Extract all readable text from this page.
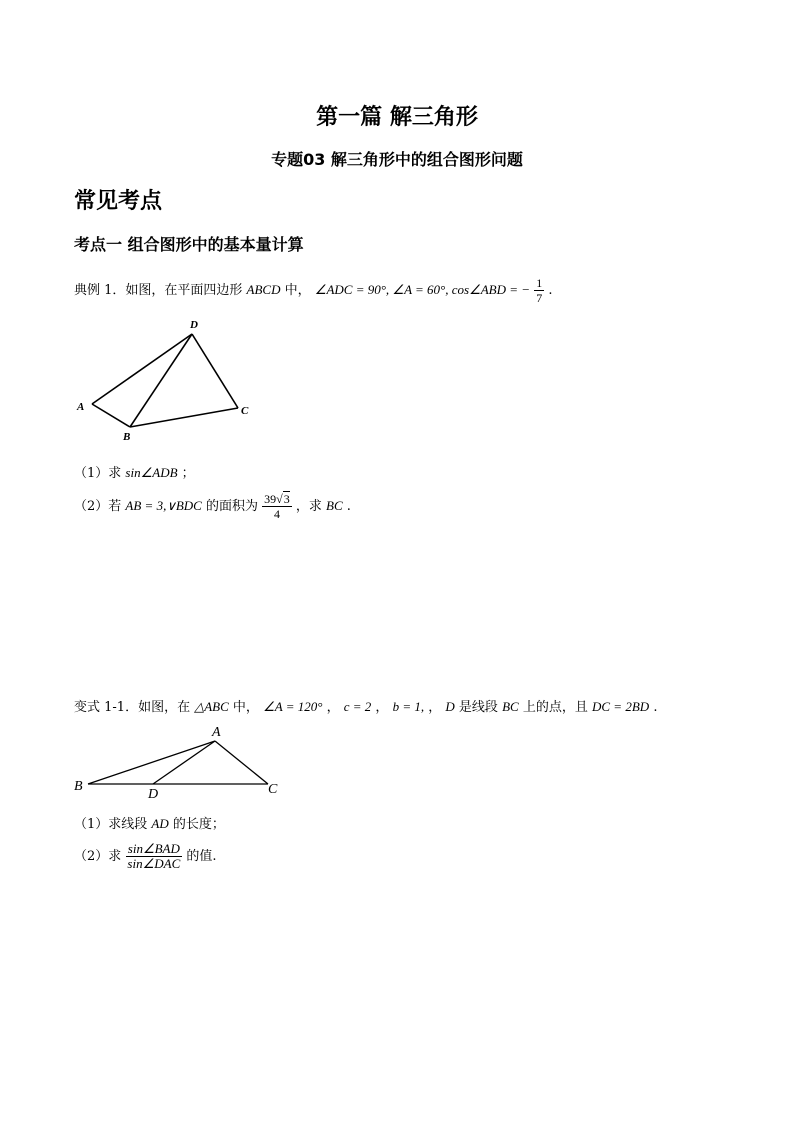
第一篇 解三角形
专题03 解三角形中的组合图形问题
常见考点
考点一 组合图形中的基本量计算
典例 1．如图，在平面四边形 ABCD 中， ∠ADC = 90°, ∠A = 60°, cos∠ABD = − $\frac{1}{7}$ .
A
B
C
D
（1）求 sin∠ADB ；
（2）若 AB = 3,∨BDC 的面积为 $\frac{39√3}{4}$ ，求 BC .
变式 1-1．如图，在 △ABC 中， ∠A = 120° ， c = 2 ， b = 1, ， D 是线段 BC 上的点，且 DC = 2BD .
A
B	C
D
（1）求线段 AD 的长度；
（2）求 $\frac{\text{sin∠BAD}}{\text{sin∠DAC}}$ 的值.
